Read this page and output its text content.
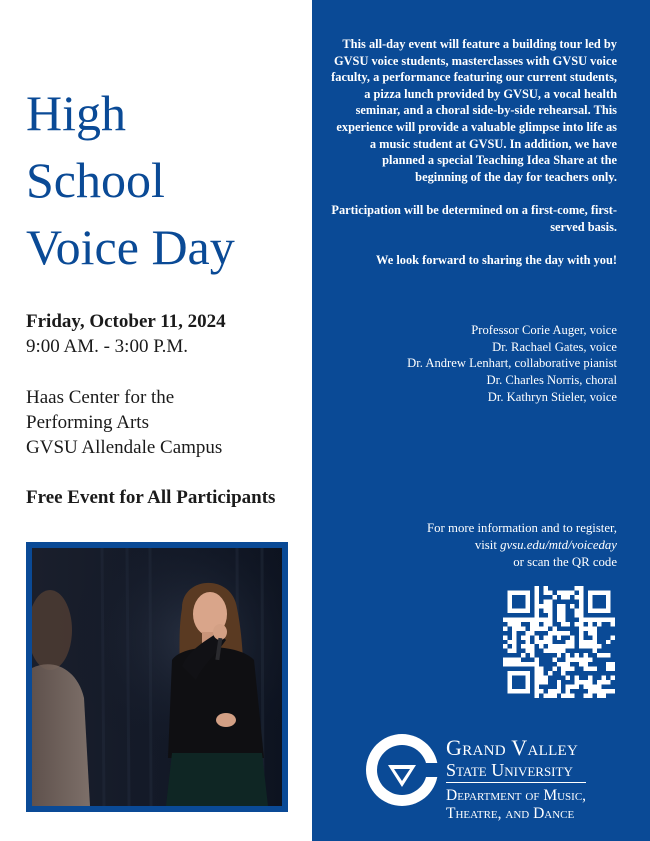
High
School
Voice Day
Friday, October 11, 2024
9:00 AM. - 3:00 P.M.
Haas Center for the
Performing Arts
GVSU Allendale Campus
Free Event for All Participants

This all-day event will feature a building tour led by GVSU voice students, masterclasses with GVSU voice faculty, a performance featuring our current students, a pizza lunch provided by GVSU, a vocal health seminar, and a choral side-by-side rehearsal. This experience will provide a valuable glimpse into life as a music student at GVSU. In addition, we have planned a special Teaching Idea Share at the beginning of the day for teachers only.

Participation will be determined on a first-come, first-served basis.

We look forward to sharing the day with you!

Professor Corie Auger, voice
Dr. Rachael Gates, voice
Dr. Andrew Lenhart, collaborative pianist
Dr. Charles Norris, choral
Dr. Kathryn Stieler, voice
For more information and to register,
visit gvsu.edu/mtd/voiceday
or scan the QR code
Grand Valley
State University
Department of Music,
Theatre, and Dance
